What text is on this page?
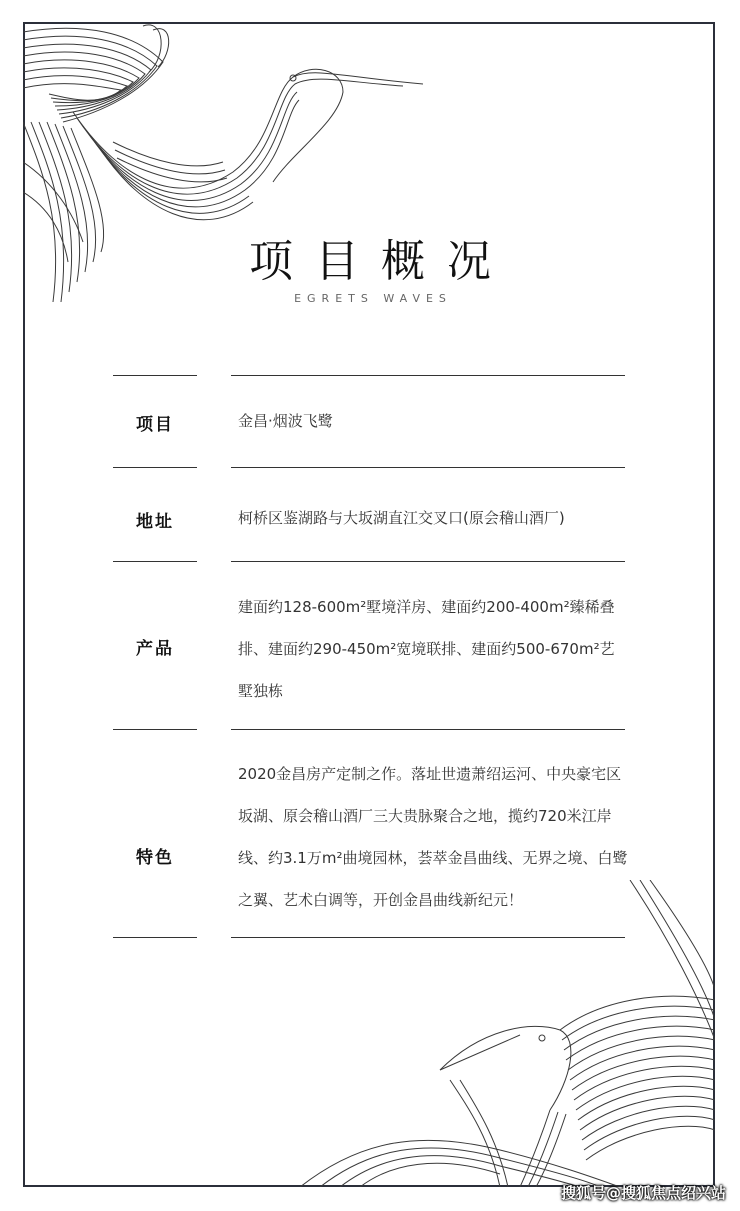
项目概况
EGRETS WAVES
项目	金昌·烟波飞鹭
地址	柯桥区鉴湖路与大坂湖直江交叉口(原会稽山酒厂)
产品
建面约128-600m²墅境洋房、建面约200-400m²臻稀叠排、建面约290-450m²宽境联排、建面约500-670m²艺墅独栋
特色
2020金昌房产定制之作。落址世遗萧绍运河、中央豪宅区坂湖、原会稽山酒厂三大贵脉聚合之地，揽约720米江岸线、约3.1万m²曲境园林，荟萃金昌曲线、无界之境、白鹭之翼、艺术白调等，开创金昌曲线新纪元！
搜狐号@搜狐焦点绍兴站
